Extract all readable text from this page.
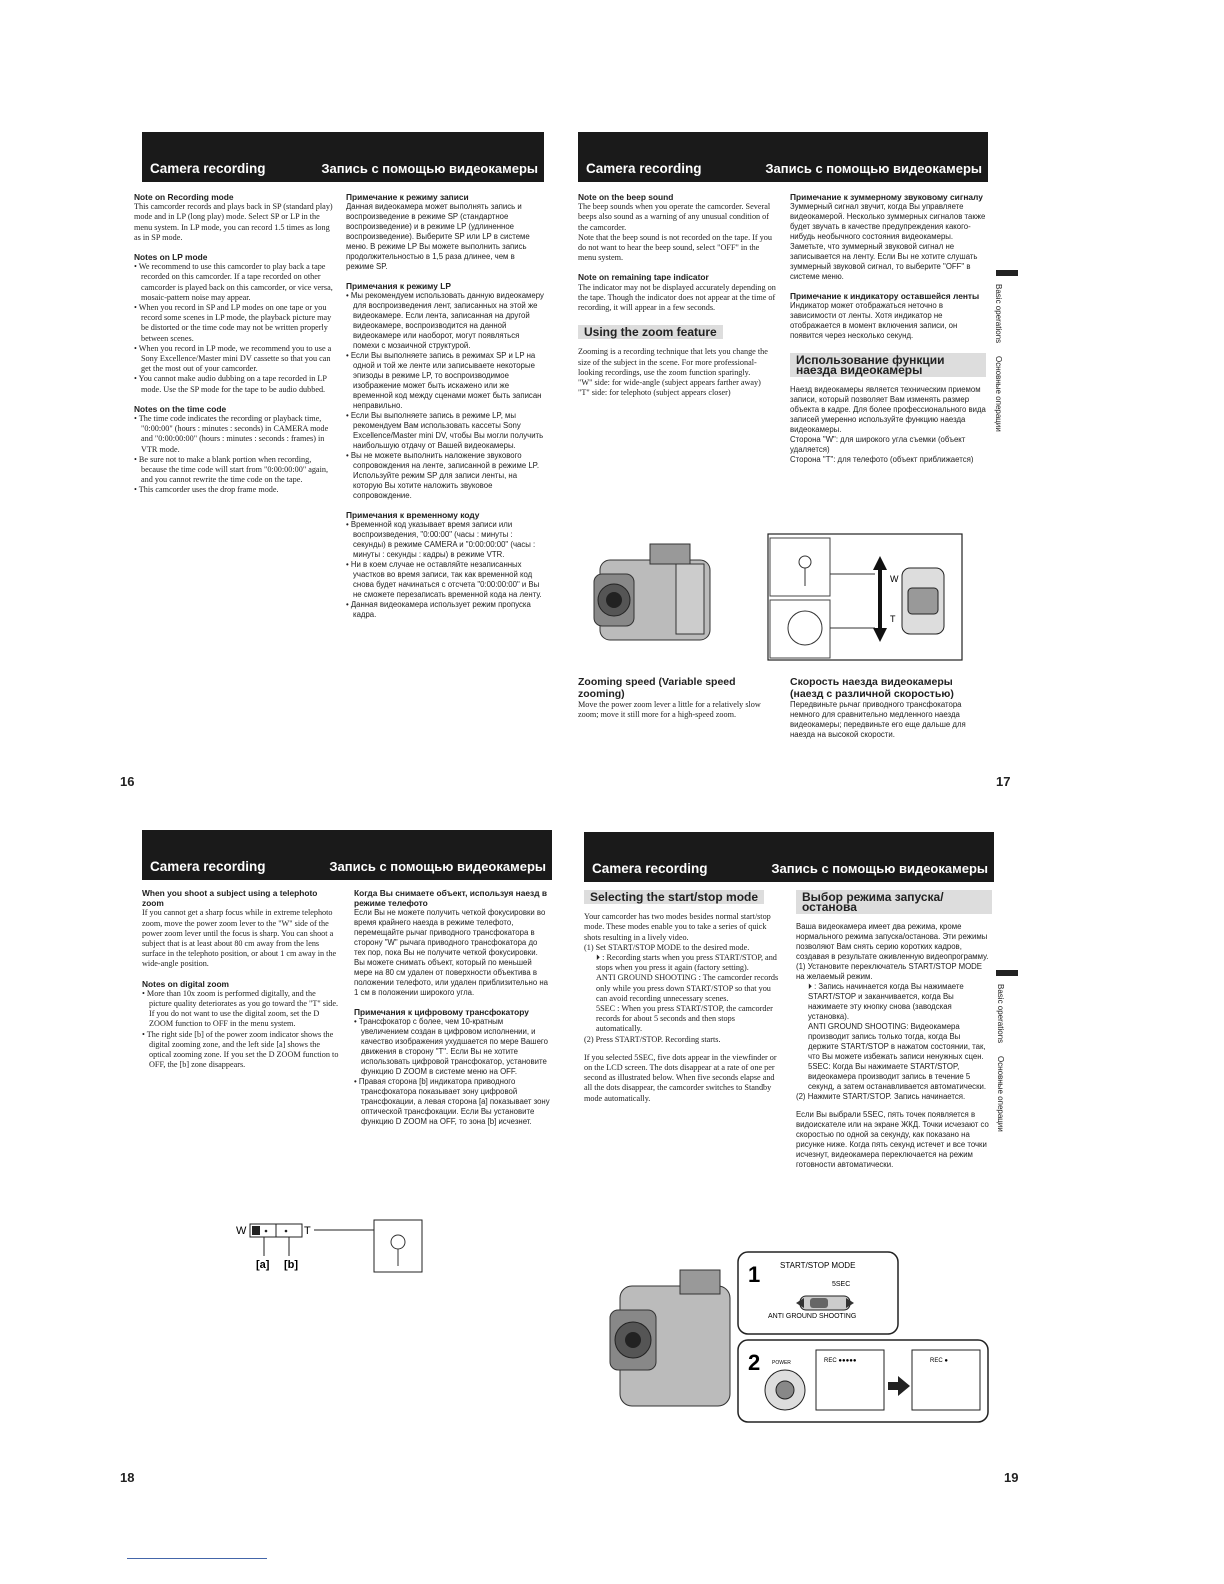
Camera recording	Запись с помощью видеокамеры
Note on Recording mode

This camcorder records and plays back in SP (standard play) mode and in LP (long play) mode. Select SP or LP in the menu system. In LP mode, you can record 1.5 times as long as in SP mode.

Notes on LP mode
• We recommend to use this camcorder to play back a tape recorded on this camcorder. If a tape recorded on other camcorder is played back on this camcorder, or vice versa, mosaic-pattern noise may appear.
• When you record in SP and LP modes on one tape or you record some scenes in LP mode, the playback picture may be distorted or the time code may not be written properly between scenes.
• When you record in LP mode, we recommend you to use a Sony Excellence/Master mini DV cassette so that you can get the most out of your camcorder.
• You cannot make audio dubbing on a tape recorded in LP mode. Use the SP mode for the tape to be audio dubbed.
Notes on the time code
• The time code indicates the recording or playback time, "0:00:00" (hours : minutes : seconds) in CAMERA mode and "0:00:00:00" (hours : minutes : seconds : frames) in VTR mode.
• Be sure not to make a blank portion when recording, because the time code will start from "0:00:00:00" again, and you cannot rewrite the time code on the tape.
• This camcorder uses the drop frame mode.
Примечание к режиму записи

Данная видеокамера может выполнять запись и воспроизведение в режиме SP (стандартное воспроизведение) и в режиме LP (удлиненное воспроизведение). Выберите SP или LP в системе меню. В режиме LP Вы можете выполнить запись продолжительностью в 1,5 раза длинее, чем в режиме SP.

Примечания к режиму LP
• Мы рекомендуем использовать данную видеокамеру для воспроизведения лент, записанных на этой же видеокамере. Если лента, записанная на другой видеокамере, воспроизводится на данной видеокамере или наоборот, могут появляться помехи с мозаичной структурой.
• Если Вы выполняете запись в режимах SP и LP на одной и той же ленте или записываете некоторые эпизоды в режиме LP, то воспроизводимое изображение может быть искажено или же временной код между сценами может быть записан неправильно.
• Если Вы выполняете запись в режиме LP, мы рекомендуем Вам использовать кассеты Sony Excellence/Master mini DV, чтобы Вы могли получить наибольшую отдачу от Вашей видеокамеры.
• Вы не можете выполнить наложение звукового сопровождения на ленте, записанной в режиме LP. Используйте режим SP для записи ленты, на которую Вы хотите наложить звуковое сопровождение.
Примечания к временному коду
• Временной код указывает время записи или воспроизведения, "0:00:00" (часы : минуты : секунды) в режиме CAMERA и "0:00:00:00" (часы : минуты : секунды : кадры) в режиме VTR.
• Ни в коем случае не оставляйте незаписанных участков во время записи, так как временной код снова будет начинаться с отсчета "0:00:00:00" и Вы не сможете перезаписать временной кода на ленту.
• Данная видеокамера использует режим пропуска кадра.
16
Camera recording	Запись с помощью видеокамеры
Note on the beep sound

The beep sounds when you operate the camcorder. Several beeps also sound as a warning of any unusual condition of the camcorder.

Note that the beep sound is not recorded on the tape. If you do not want to hear the beep sound, select "OFF" in the menu system.

Note on remaining tape indicator

The indicator may not be displayed accurately depending on the tape. Though the indicator does not appear at the time of recording, it will appear in a few seconds.

Using the zoom feature

Zooming is a recording technique that lets you change the size of the subject in the scene. For more professional-looking recordings, use the zoom function sparingly.

"W" side: for wide-angle (subject appears farther away)

"T" side: for telephoto (subject appears closer)

Примечание к зуммерному звуковому сигналу

Зуммерный сигнал звучит, когда Вы управляете видеокамерой. Несколько зуммерных сигналов также будет звучать в качестве предупреждения какого-нибудь необычного состояния видеокамеры. Заметьте, что зуммерный звуковой сигнал не записывается на ленту. Если Вы не хотите слушать зуммерный звуковой сигнал, то выберите "OFF" в системе меню.

Примечание к индикатору оставшейся ленты

Индикатор может отображаться неточно в зависимости от ленты. Хотя индикатор не отображается в момент включения записи, он появится через несколько секунд.

Использование функции наезда видеокамеры

Наезд видеокамеры является техническим приемом записи, который позволяет Вам изменять размер объекта в кадре. Для более профессионального вида записей умеренно используйте функцию наезда видеокамеры.

Сторона "W": для широкого угла съемки (объект удаляется)

Сторона "T": для телефото (объект приближается)

W
T
Zooming speed (Variable speed zooming)

Move the power zoom lever a little for a relatively slow zoom; move it still more for a high-speed zoom.

Скорость наезда видеокамеры (наезд с различной скоростью)

Передвиньте рычаг приводного трансфокатора немного для сравнительно медленного наезда видеокамеры; передвиньте его еще дальше для наезда на высокой скорости.

Basic operations
Основные операции
17
Camera recording	Запись с помощью видеокамеры
When you shoot a subject using a telephoto zoom

If you cannot get a sharp focus while in extreme telephoto zoom, move the power zoom lever to the "W" side of the power zoom lever until the focus is sharp. You can shoot a subject that is at least about 80 cm away from the lens surface in the telephoto position, or about 1 cm away in the wide-angle position.

Notes on digital zoom
• More than 10x zoom is performed digitally, and the picture quality deteriorates as you go toward the "T" side. If you do not want to use the digital zoom, set the D ZOOM function to OFF in the menu system.
• The right side [b] of the power zoom indicator shows the digital zooming zone, and the left side [a] shows the optical zooming zone. If you set the D ZOOM function to OFF, the [b] zone disappears.
Когда Вы снимаете объект, используя наезд в режиме телефото

Если Вы не можете получить четкой фокусировки во время крайнего наезда в режиме телефото, перемещайте рычаг приводного трансфокатора в сторону "W" рычага приводного трансфокатора до тех пор, пока Вы не получите четкой фокусировки. Вы можете снимать объект, который по меньшей мере на 80 см удален от поверхности объектива в положении телефото, или удален приблизительно на 1 см в положении широкого угла.

Примечания к цифровому трансфокатору
• Трансфокатор с более, чем 10-кратным увеличением создан в цифровом исполнении, и качество изображения ухудшается по мере Вашего движения в сторону "T". Если Вы не хотите использовать цифровой трансфокатор, установите функцию D ZOOM в системе меню на OFF.
• Правая сторона [b] индикатора приводного трансфокатора показывает зону цифровой трансфокации, а левая сторона [a] показывает зону оптической трансфокации. Если Вы установите функцию D ZOOM на OFF, то зона [b] исчезнет.
W	T
[a] [b]
18
Camera recording	Запись с помощью видеокамеры
Selecting the start/stop mode

Your camcorder has two modes besides normal start/stop mode. These modes enable you to take a series of quick shots resulting in a lively video.

(1) Set START/STOP MODE to the desired mode.

⏵ : Recording starts when you press START/STOP, and stops when you press it again (factory setting).

ANTI GROUND SHOOTING : The camcorder records only while you press down START/STOP so that you can avoid recording unnecessary scenes.

5SEC : When you press START/STOP, the camcorder records for about 5 seconds and then stops automatically.

(2) Press START/STOP. Recording starts.

If you selected 5SEC, five dots appear in the viewfinder or on the LCD screen. The dots disappear at a rate of one per second as illustrated below. When five seconds elapse and all the dots disappear, the camcorder switches to Standby mode automatically.

Выбор режима запуска/останова

Ваша видеокамера имеет два режима, кроме нормального режима запуска/останова. Эти режимы позволяют Вам снять серию коротких кадров, создавая в результате оживленную видеопрограмму.

(1) Установите переключатель START/STOP MODE на желаемый режим.

⏵ : Запись начинается когда Вы нажимаете START/STOP и заканчивается, когда Вы нажимаете эту кнопку снова (заводская установка).

ANTI GROUND SHOOTING: Видеокамера производит запись только тогда, когда Вы держите START/STOP в нажатом состоянии, так, что Вы можете избежать записи ненужных сцен.

5SEC: Когда Вы нажимаете START/STOP, видеокамера производит запись в течение 5 секунд, а затем останавливается автоматически.

(2) Нажмите START/STOP. Запись начинается.

Если Вы выбрали 5SEC, пять точек появляется в видоискателе или на экране ЖКД. Точки исчезают со скоростью по одной за секунду, как показано на рисунке ниже. Когда пять секунд истечет и все точки исчезнут, видеокамера переключается на режим готовности автоматически.

1 START/STOP MODE
5SEC
ANTI GROUND SHOOTING
2 POWER	REC ●●●●●	REC ●
Basic operations
Основные операции
19
